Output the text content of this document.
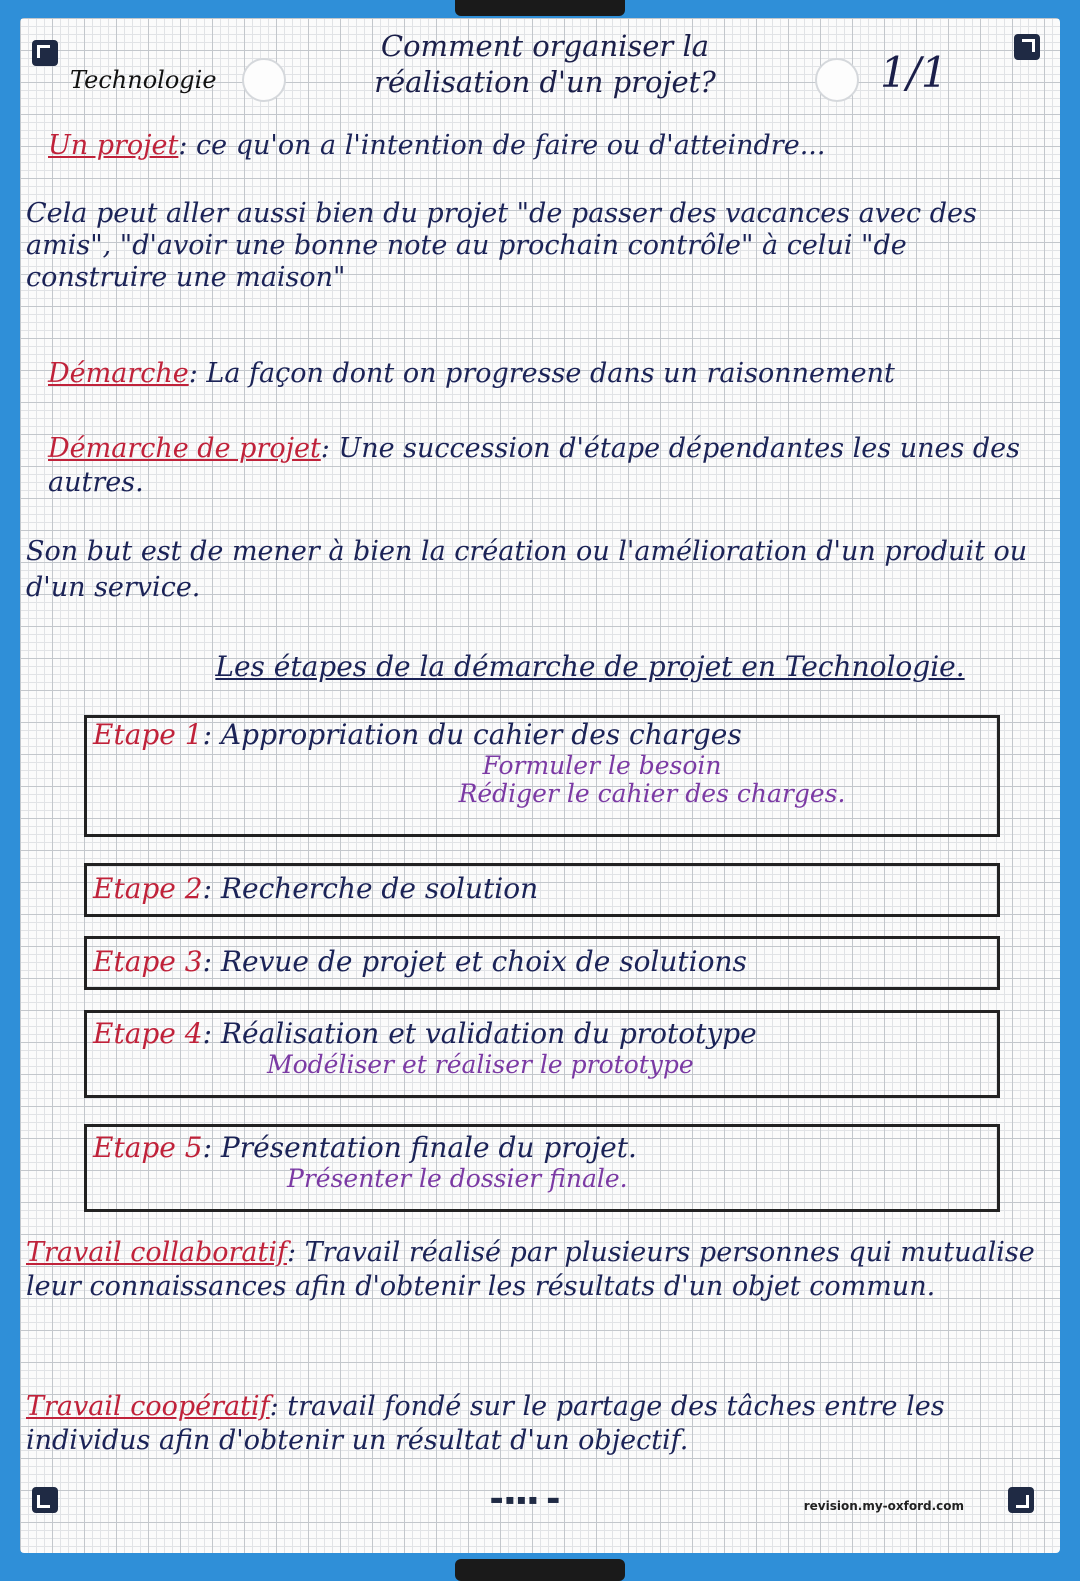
Technologie
Comment organiser la
réalisation d'un projet?	1/1
Un projet: ce qu'on a l'intention de faire ou d'atteindre...
Cela peut aller aussi bien du projet "de passer des vacances avec des amis", "d'avoir une bonne note au prochain contrôle" à celui "de construire une maison"
Démarche: La façon dont on progresse dans un raisonnement
Démarche de projet: Une succession d'étape dépendantes les unes des autres.
Son but est de mener à bien la création ou l'amélioration d'un produit ou d'un service.
Les étapes de la démarche de projet en Technologie.
Etape 1: Appropriation du cahier des charges
Formuler le besoin
Rédiger le cahier des charges.
Etape 2: Recherche de solution
Etape 3: Revue de projet et choix de solutions
Etape 4: Réalisation et validation du prototype
Modéliser et réaliser le prototype
Etape 5: Présentation finale du projet.
Présenter le dossier finale.
Travail collaboratif: Travail réalisé par plusieurs personnes qui mutualise leur connaissances afin d'obtenir les résultats d'un objet commun.
Travail coopératif: travail fondé sur le partage des tâches entre les individus afin d'obtenir un résultat d'un objectif.
▬▪▪▪ ▬	revision.my-oxford.com
